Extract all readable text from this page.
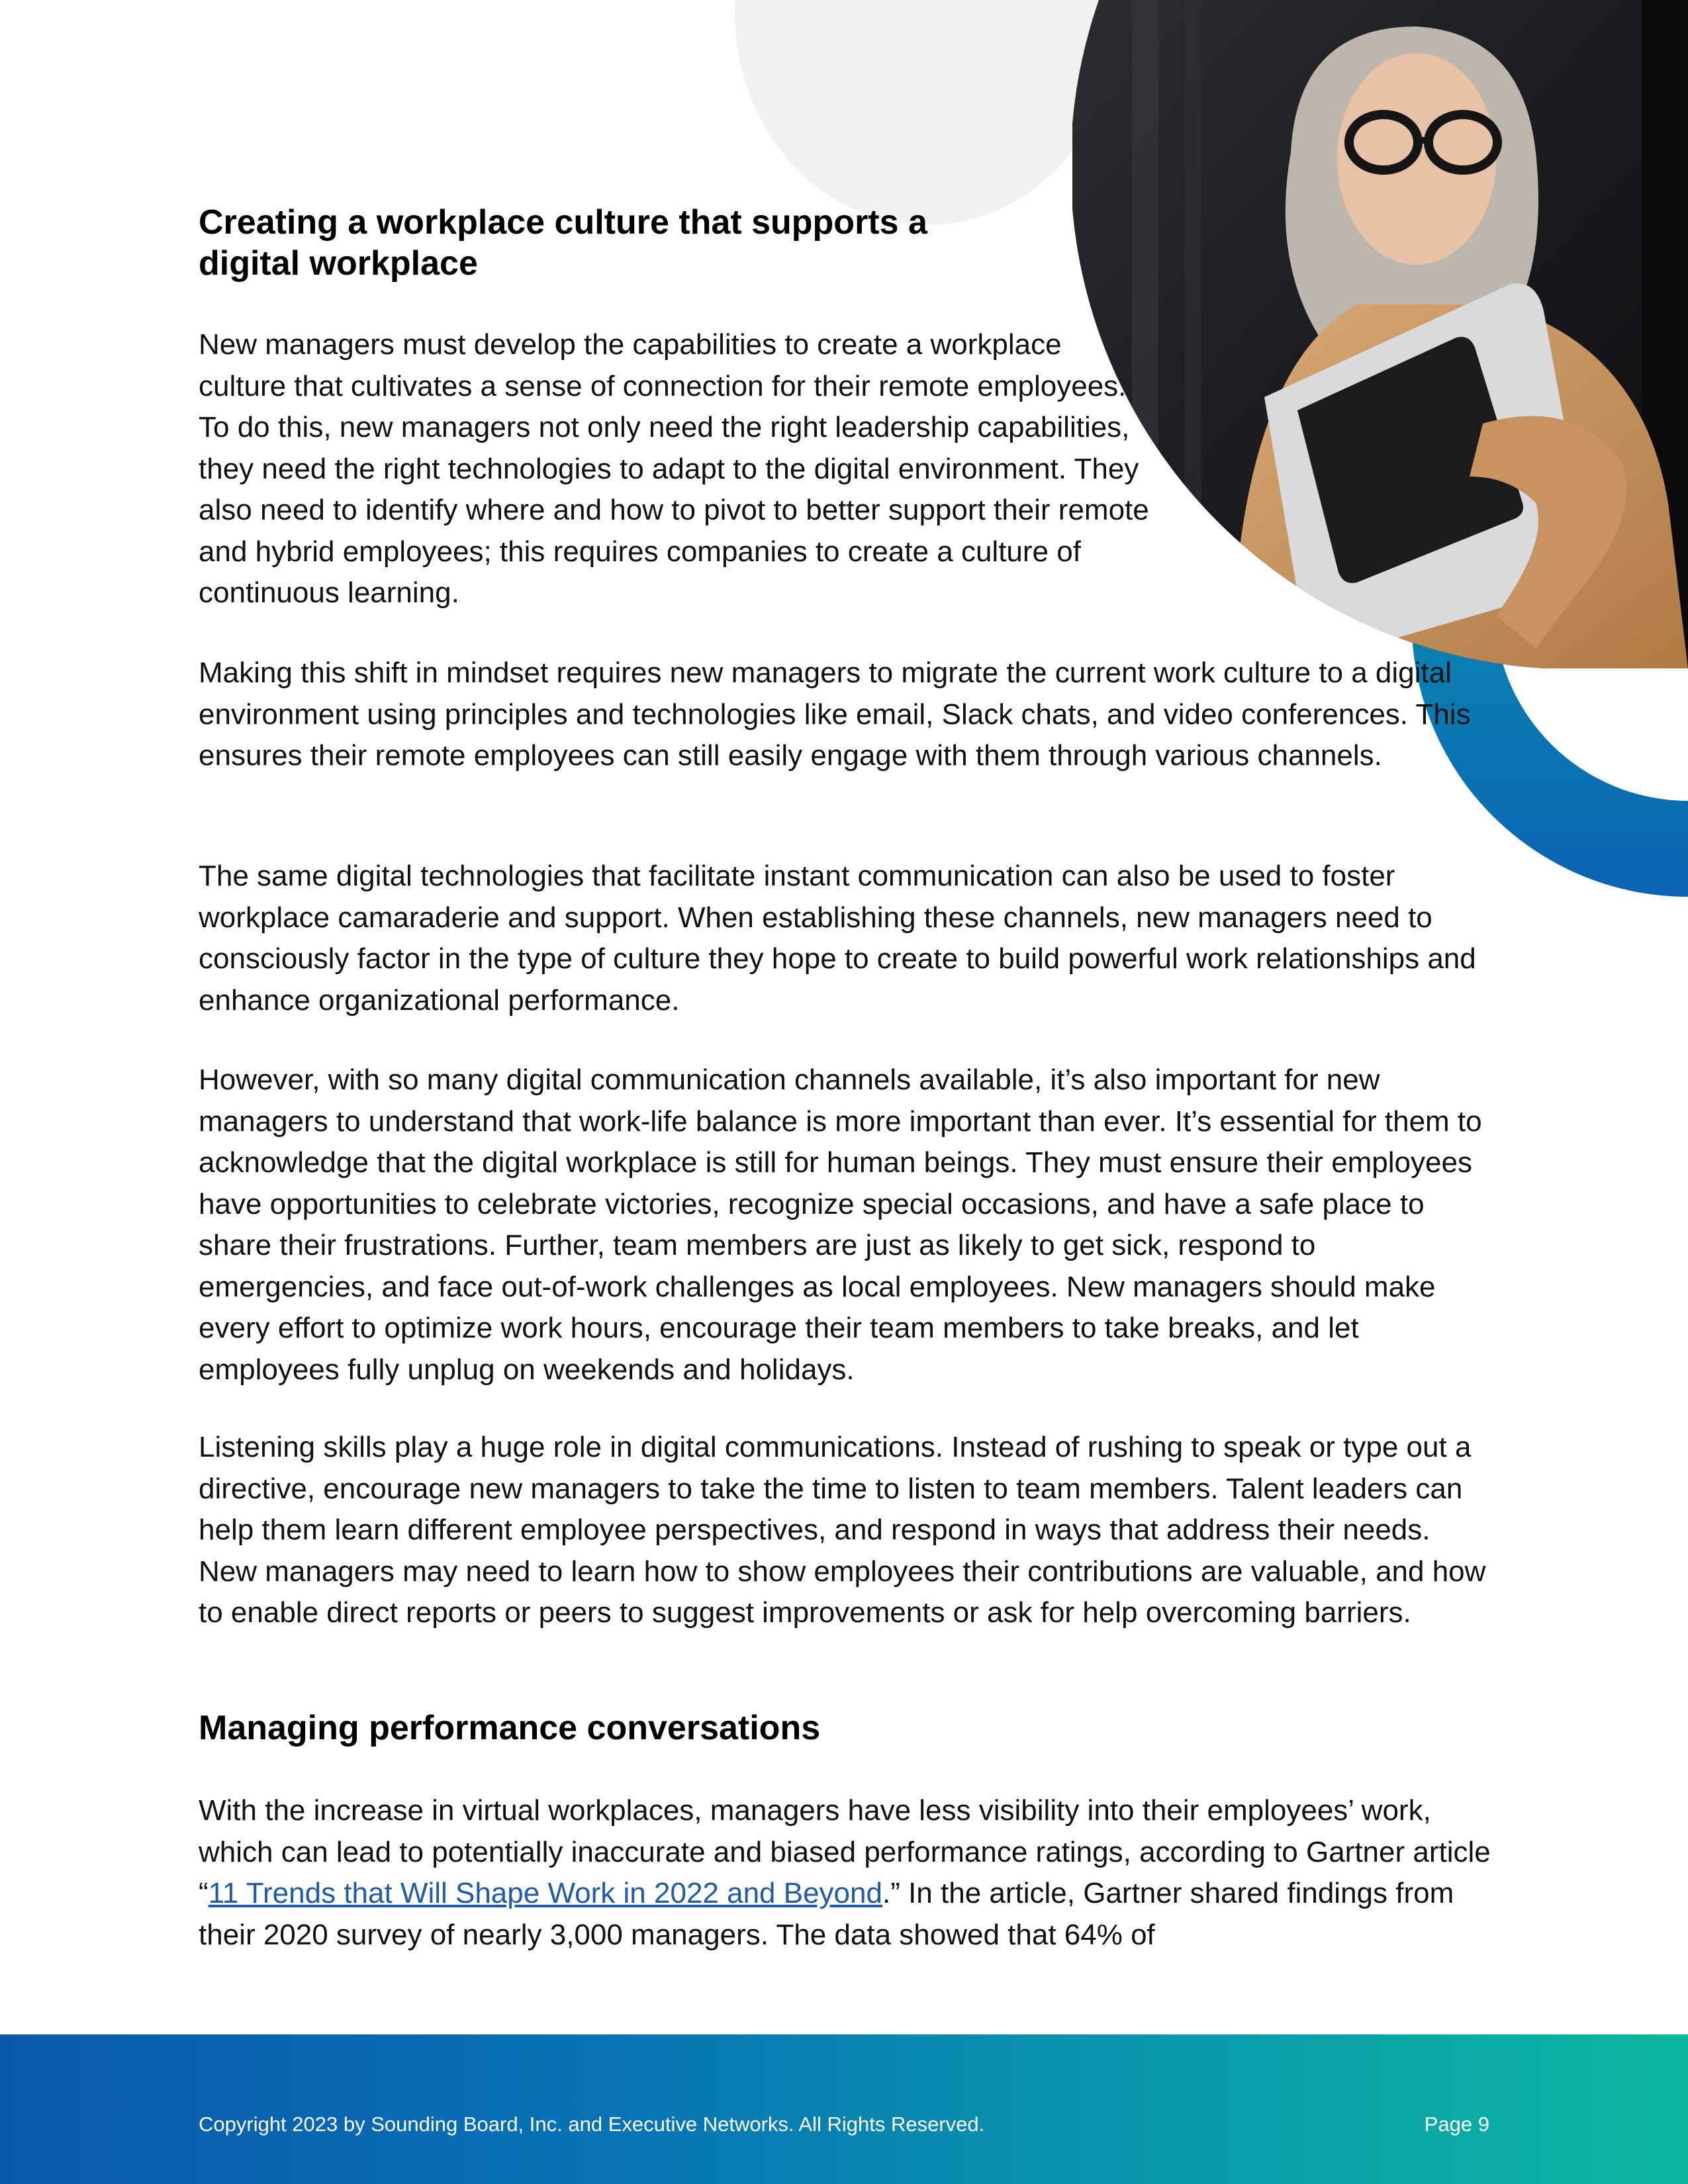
Creating a workplace culture that supports a digital workplace

New managers must develop the capabilities to create a workplace culture that cultivates a sense of connection for their remote employees. To do this, new managers not only need the right leadership capabilities, they need the right technologies to adapt to the digital environment. They also need to identify where and how to pivot to better support their remote and hybrid employees; this requires companies to create a culture of continuous learning.

Making this shift in mindset requires new managers to migrate the current work culture to a digital environment using principles and technologies like email, Slack chats, and video conferences. This ensures their remote employees can still easily engage with them through various channels.

The same digital technologies that facilitate instant communication can also be used to foster workplace camaraderie and support. When establishing these channels, new managers need to consciously factor in the type of culture they hope to create to build powerful work relationships and enhance organizational performance.

However, with so many digital communication channels available, it’s also important for new managers to understand that work-life balance is more important than ever. It’s essential for them to acknowledge that the digital workplace is still for human beings. They must ensure their employees have opportunities to celebrate victories, recognize special occasions, and have a safe place to share their frustrations. Further, team members are just as likely to get sick, respond to emergencies, and face out-of-work challenges as local employees. New managers should make every effort to optimize work hours, encourage their team members to take breaks, and let employees fully unplug on weekends and holidays.

Listening skills play a huge role in digital communications. Instead of rushing to speak or type out a directive, encourage new managers to take the time to listen to team members. Talent leaders can help them learn different employee perspectives, and respond in ways that address their needs. New managers may need to learn how to show employees their contributions are valuable, and how to enable direct reports or peers to suggest improvements or ask for help overcoming barriers.

Managing performance conversations

With the increase in virtual workplaces, managers have less visibility into their employees’ work, which can lead to potentially inaccurate and biased performance ratings, according to Gartner article “11 Trends that Will Shape Work in 2022 and Beyond.” In the article, Gartner shared findings from their 2020 survey of nearly 3,000 managers. The data showed that 64% of

Copyright 2023 by Sounding Board, Inc. and Executive Networks. All Rights Reserved.	Page 9
